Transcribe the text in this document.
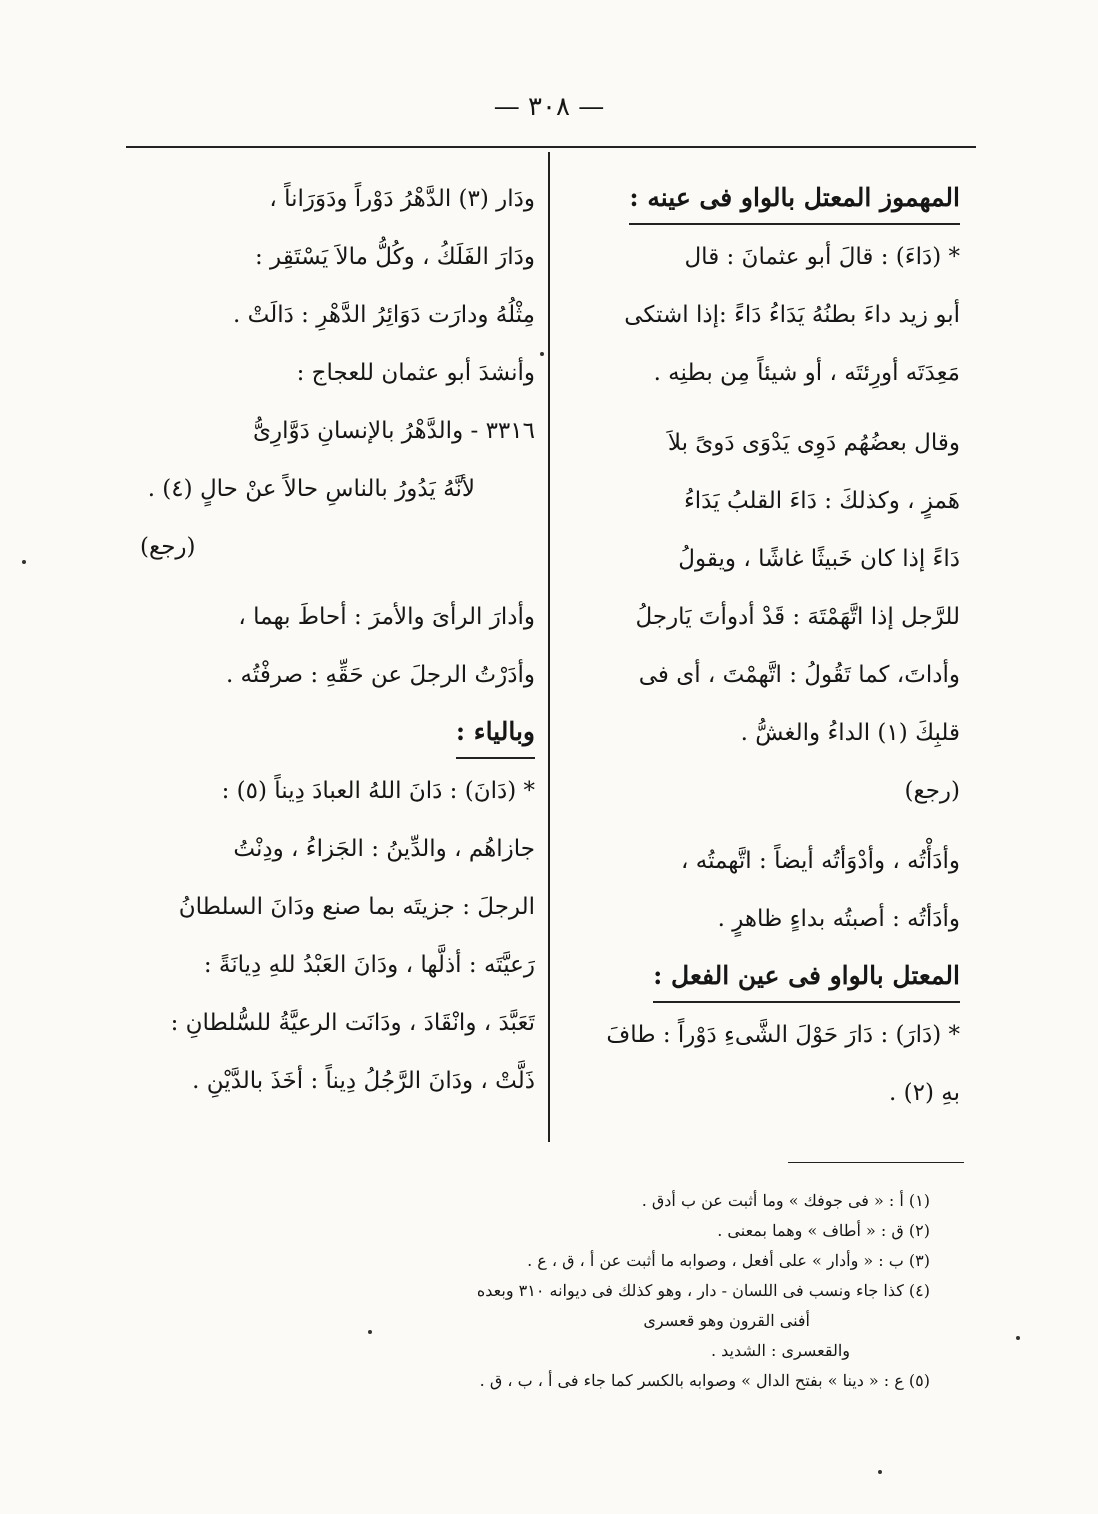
— ٣٠٨ —
المهموز المعتل بالواو فى عينه :
* (دَاءَ) : قالَ أبو عثمانَ : قال
أبو زيد داءَ بطنُهُ يَدَاءُ دَاءً :إذا اشتكى
مَعِدَتَه أورِئتَه ، أو شيئاً مِن بطنِه .
وقال بعضُهُم دَوِى يَدْوَى دَوىً بلاَ
هَمزٍ ، وكذلكَ : دَاءَ القلبُ يَدَاءُ
دَاءً إذا كان خَبيثًا غاشًا ، ويقولُ
للرَّجل إذا اتَّهَمْتَهَ : قَدْ أدوأتَ يَارجلُ
وأداتَ، كما تَقُولُ : اتَّهمْتَ ، أى فى
قلبِكَ (١) الداءُ والغشُّ .
(رجع)
وأدَأْتُه ، وأدْوَأتُه أيضاً : اتَّهمتُه ،
وأدَأتُه : أصبتُه بداءٍ ظاهرٍ .
المعتل بالواو فى عين الفعل :
* (دَارَ) : دَارَ حَوْلَ الشَّىءِ دَوْراً : طافَ
بهِ (٢) .
ودَار (٣) الدَّهْرُ دَوْراً ودَوَرَاناً ،
ودَارَ الفَلَكُ ، وكُلُّ مالاَ يَسْتَقِر :
مِثْلُهُ ودارَت دَوَائِرُ الدَّهْرِ : دَالَتْ .
وأنشدَ أبو عثمان للعجاج :
٣٣١٦ - والدَّهْرُ بالإنسانِ دَوَّارِىُّ
لأنَّهُ يَدُورُ بالناسِ حالاً عنْ حالٍ (٤) .
(رجع)
وأدارَ الرأىَ والأمرَ : أحاطَ بهما ،
وأدَرْتُ الرجلَ عن حَقِّهِ : صرفْتُه .
وبالياء :
* (دَانَ) : دَانَ اللهُ العبادَ دِيناً (٥) :
جازاهُم ، والدِّينُ : الجَزاءُ ، ودِنْتُ
الرجلَ : جزيتَه بما صنع ودَانَ السلطانُ
رَعيَّتَه : أذلَّها ، ودَانَ العَبْدُ للهِ دِيانَةً :
تَعَبَّدَ ، وانْقَادَ ، ودَانَت الرعيَّةُ للسُّلطانِ :
ذَلَّتْ ، ودَانَ الرَّجُلُ دِيناً : أخَذَ بالدَّيْنِ .
(١) أ : « فى جوفك » وما أثبت عن ب أدق .
(٢) ق : « أطاف » وهما بمعنى .
(٣) ب : « وأدار » على أفعل ، وصوابه ما أثبت عن أ ، ق ، ع .
(٤) كذا جاء ونسب فى اللسان - دار ، وهو كذلك فى ديوانه ٣١٠ وبعده
أفنى القرون وهو قعسرى
والقعسرى : الشديد .
(٥) ع : « دينا » بفتح الدال » وصوابه بالكسر كما جاء فى أ ، ب ، ق .
